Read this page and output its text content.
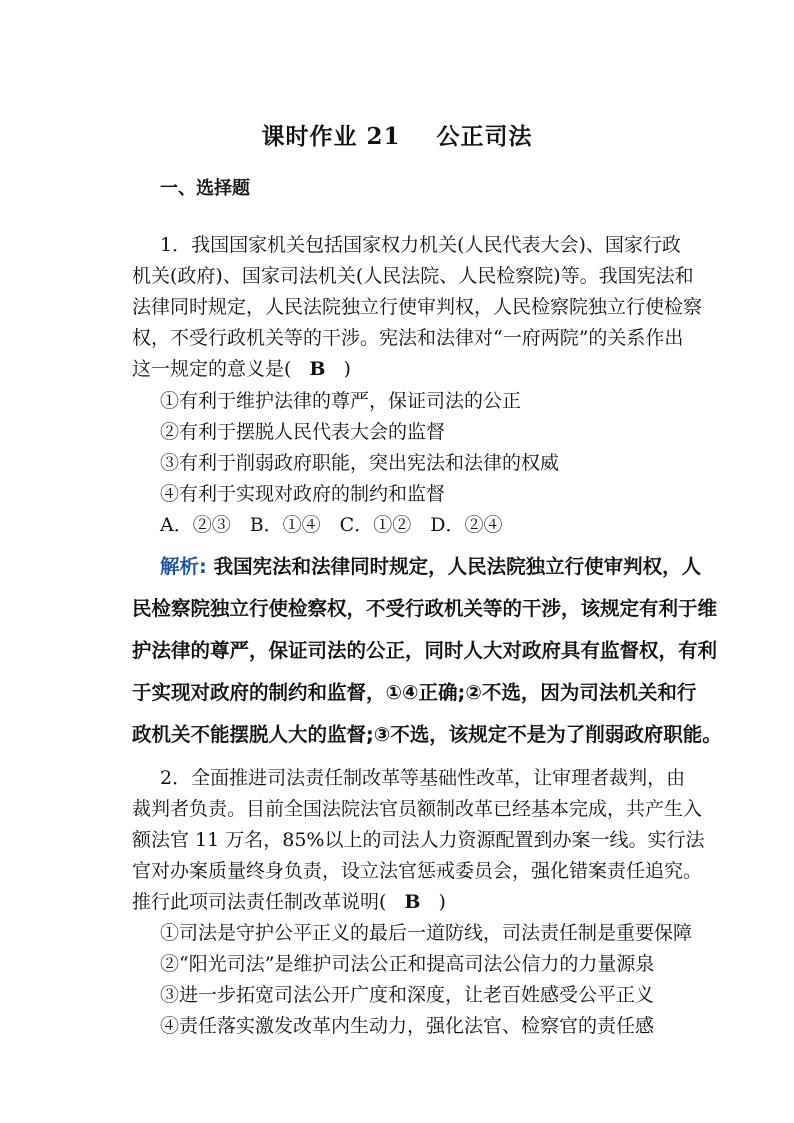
课时作业 21    公正司法
一、选择题
1．我国国家机关包括国家权力机关(人民代表大会)、国家行政
机关(政府)、国家司法机关(人民法院、人民检察院)等。我国宪法和
法律同时规定，人民法院独立行使审判权，人民检察院独立行使检察
权，不受行政机关等的干涉。宪法和法律对“一府两院”的关系作出
这一规定的意义是( B )
①有利于维护法律的尊严，保证司法的公正
②有利于摆脱人民代表大会的监督
③有利于削弱政府职能，突出宪法和法律的权威
④有利于实现对政府的制约和监督
A．②③　B．①④　C．①②　D．②④
解析: 我国宪法和法律同时规定，人民法院独立行使审判权，人
民检察院独立行使检察权，不受行政机关等的干涉，该规定有利于维
护法律的尊严，保证司法的公正，同时人大对政府具有监督权，有利
于实现对政府的制约和监督，①④正确;②不选，因为司法机关和行
政机关不能摆脱人大的监督;③不选，该规定不是为了削弱政府职能。
2．全面推进司法责任制改革等基础性改革，让审理者裁判，由
裁判者负责。目前全国法院法官员额制改革已经基本完成，共产生入
额法官 11 万名，85%以上的司法人力资源配置到办案一线。实行法
官对办案质量终身负责，设立法官惩戒委员会，强化错案责任追究。
推行此项司法责任制改革说明( B )
①司法是守护公平正义的最后一道防线，司法责任制是重要保障
②“阳光司法”是维护司法公正和提高司法公信力的力量源泉
③进一步拓宽司法公开广度和深度，让老百姓感受公平正义
④责任落实激发改革内生动力，强化法官、检察官的责任感
